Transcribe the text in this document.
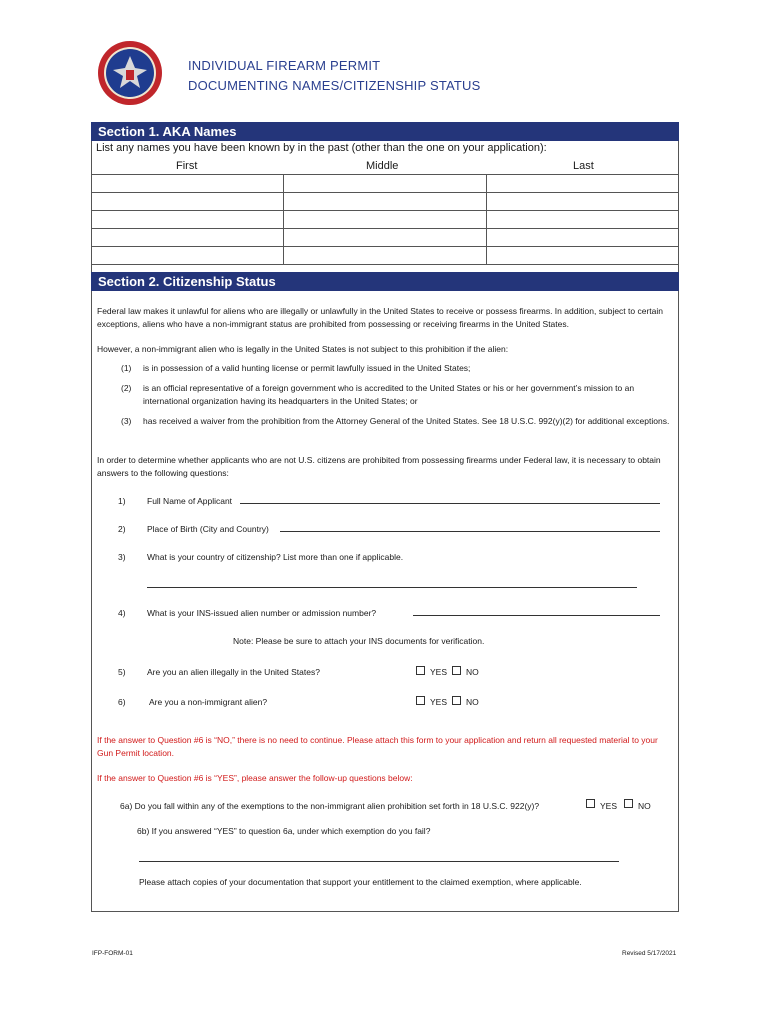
INDIVIDUAL FIREARM PERMIT
DOCUMENTING NAMES/CITIZENSHIP STATUS
Section 1. AKA Names
List any names you have been known by in the past (other than the one on your application):
First	Middle	Last

Section 2. Citizenship Status
Federal law makes it unlawful for aliens who are illegally or unlawfully in the United States to receive or possess firearms. In addition, subject to certain exceptions, aliens who have a non-immigrant status are prohibited from possessing or receiving firearms in the United States.
However, a non-immigrant alien who is legally in the United States is not subject to this prohibition if the alien:
(1) is in possession of a valid hunting license or permit lawfully issued in the United States;
(2) is an official representative of a foreign government who is accredited to the United States or his or her government’s mission to an international organization having its headquarters in the United States; or
(3) has received a waiver from the prohibition from the Attorney General of the United States. See 18 U.S.C. 992(y)(2) for additional exceptions.
In order to determine whether applicants who are not U.S. citizens are prohibited from possessing firearms under Federal law, it is necessary to obtain answers to the following questions:
1)	Full Name of Applicant
2)	Place of Birth (City and Country)
3)	What is your country of citizenship? List more than one if applicable.
4)	What is your INS-issued alien number or admission number?
Note: Please be sure to attach your INS documents for verification.
5)	Are you an alien illegally in the United States?	YES NO
6)	Are you a non-immigrant alien?	YES NO
If the answer to Question #6 is “NO,” there is no need to continue. Please attach this form to your application and return all requested material to your Gun Permit location.
If the answer to Question #6 is “YES”, please answer the follow-up questions below:
6a) Do you fall within any of the exemptions to the non-immigrant alien prohibition set forth in 18 U.S.C. 922(y)?	YES NO
6b) If you answered “YES” to question 6a, under which exemption do you fail?
Please attach copies of your documentation that support your entitlement to the claimed exemption, where applicable.
IFP-FORM-01	Revised 5/17/2021
